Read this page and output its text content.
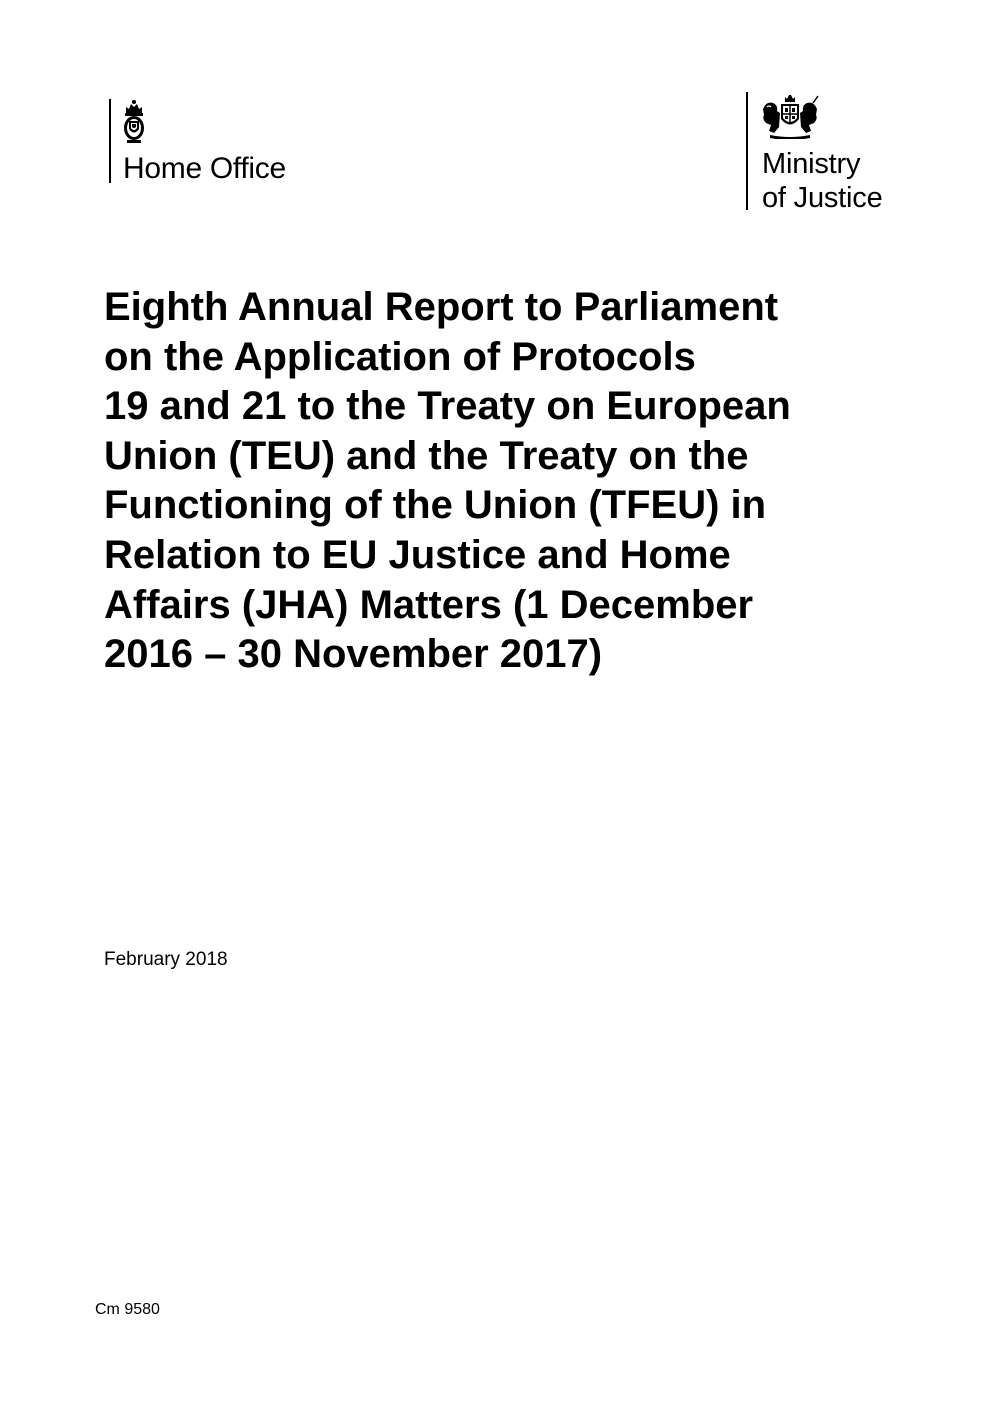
Home Office	Ministry
of Justice
Eighth Annual Report to Parliament
on the Application of Protocols
19 and 21 to the Treaty on European
Union (TEU) and the Treaty on the
Functioning of the Union (TFEU) in
Relation to EU Justice and Home
Affairs (JHA) Matters (1 December
2016 – 30 November 2017)

February 2018

Cm 9580
